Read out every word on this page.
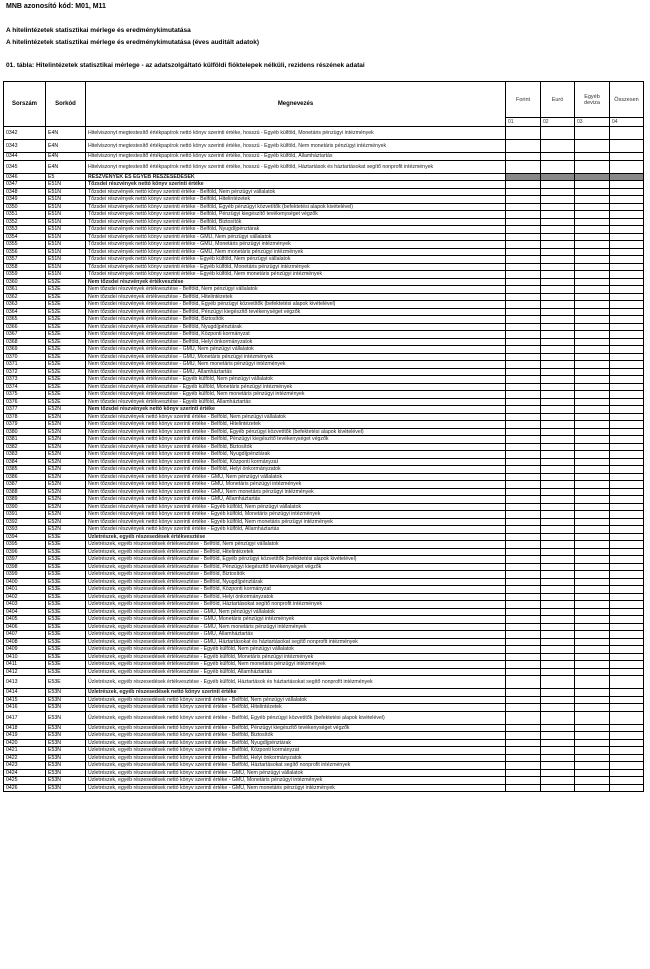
MNB azonosító kód: M01, M11
A hitelintézetek statisztikai mérlege és eredménykimutatása
A hitelintézetek statisztikai mérlege és eredménykimutatása (éves auditált adatok)
01. tábla: Hitelintézetek statisztikai mérlege - az adatszolgáltató külföldi fióktelepek nélküli, rezidens részének adatai
Sorszám	Sorkód	Megnevezés	Forint	Euró	Egyéb deviza	Összesen
			01	02	03	04
0342	E4N	Hitelviszonyt megtestesítő értékpapírok nettó könyv szerinti értéke, hosszú - Egyéb külföld, Monetáris pénzügyi intézmények				
0343	E4N	Hitelviszonyt megtestesítő értékpapírok nettó könyv szerinti értéke, hosszú - Egyéb külföld, Nem monetáris pénzügyi intézmények				
0344	E4N	Hitelviszonyt megtestesítő értékpapírok nettó könyv szerinti értéke, hosszú - Egyéb külföld, Államháztartás				
0345	E4N	Hitelviszonyt megtestesítő értékpapírok nettó könyv szerinti értéke, hosszú - Egyéb külföld, Háztartások és háztartásokat segítő nonprofit intézmények				
0346	E5	RÉSZVÉNYEK ÉS EGYÉB RÉSZESEDÉSEK				
0347	E51N	Tőzsdei részvények nettó könyv szerinti értéke				
0348	E51N	Tőzsdei részvények nettó könyv szerinti értéke - Belföld, Nem pénzügyi vállalatok				
0349	E51N	Tőzsdei részvények nettó könyv szerinti értéke - Belföld, Hitelintézetek				
0350	E51N	Tőzsdei részvények nettó könyv szerinti értéke - Belföld, Egyéb pénzügyi közvetítők (befektetési alapok kivételével)				
0351	E51N	Tőzsdei részvények nettó könyv szerinti értéke - Belföld, Pénzügyi kiegészítő tevékenységet végzők				
0352	E51N	Tőzsdei részvények nettó könyv szerinti értéke - Belföld, Biztosítók				
0353	E51N	Tőzsdei részvények nettó könyv szerinti értéke - Belföld, Nyugdíjpénztárak				
0354	E51N	Tőzsdei részvények nettó könyv szerinti értéke - GMU, Nem pénzügyi vállalatok				
0355	E51N	Tőzsdei részvények nettó könyv szerinti értéke - GMU, Monetáris pénzügyi intézmények				
0356	E51N	Tőzsdei részvények nettó könyv szerinti értéke - GMU, Nem monetáris pénzügyi intézmények				
0357	E51N	Tőzsdei részvények nettó könyv szerinti értéke - Egyéb külföld, Nem pénzügyi vállalatok				
0358	E51N	Tőzsdei részvények nettó könyv szerinti értéke - Egyéb külföld, Monetáris pénzügyi intézmények				
0359	E51N	Tőzsdei részvények nettó könyv szerinti értéke - Egyéb külföld, Nem monetáris pénzügyi intézmények				
0360	E52E	Nem tőzsdei részvények értékvesztése				
0361	E52E	Nem tőzsdei részvények értékvesztése - Belföld, Nem pénzügyi vállalatok				
0362	E52E	Nem tőzsdei részvények értékvesztése - Belföld, Hitelintézetek				
0363	E52E	Nem tőzsdei részvények értékvesztése - Belföld, Egyéb pénzügyi közvetítők (befektetési alapok kivételével)				
0364	E52E	Nem tőzsdei részvények értékvesztése - Belföld, Pénzügyi kiegészítő tevékenységet végzők				
0365	E52E	Nem tőzsdei részvények értékvesztése - Belföld, Biztosítók				
0366	E52E	Nem tőzsdei részvények értékvesztése - Belföld, Nyugdíjpénztárak				
0367	E52E	Nem tőzsdei részvények értékvesztése - Belföld, Központi kormányzat				
0368	E52E	Nem tőzsdei részvények értékvesztése - Belföld, Helyi önkormányzatok				
0369	E52E	Nem tőzsdei részvények értékvesztése - GMU, Nem pénzügyi vállalatok				
0370	E52E	Nem tőzsdei részvények értékvesztése - GMU, Monetáris pénzügyi intézmények				
0371	E52E	Nem tőzsdei részvények értékvesztése - GMU, Nem monetáris pénzügyi intézmények				
0372	E52E	Nem tőzsdei részvények értékvesztése - GMU, Államháztartás				
0373	E52E	Nem tőzsdei részvények értékvesztése - Egyéb külföld, Nem pénzügyi vállalatok				
0374	E52E	Nem tőzsdei részvények értékvesztése - Egyéb külföld, Monetáris pénzügyi intézmények				
0375	E52E	Nem tőzsdei részvények értékvesztése - Egyéb külföld, Nem monetáris pénzügyi intézmények				
0376	E52E	Nem tőzsdei részvények értékvesztése - Egyéb külföld, Államháztartás				
0377	E52N	Nem tőzsdei részvények nettó könyv szerinti értéke				
0378	E52N	Nem tőzsdei részvények nettó könyv szerinti értéke - Belföld, Nem pénzügyi vállalatok				
0379	E52N	Nem tőzsdei részvények nettó könyv szerinti értéke - Belföld, Hitelintézetek				
0380	E52N	Nem tőzsdei részvények nettó könyv szerinti értéke - Belföld, Egyéb pénzügyi közvetítők (befektetési alapok kivételével)				
0381	E52N	Nem tőzsdei részvények nettó könyv szerinti értéke - Belföld, Pénzügyi kiegészítő tevékenységet végzők				
0382	E52N	Nem tőzsdei részvények nettó könyv szerinti értéke - Belföld, Biztosítók				
0383	E52N	Nem tőzsdei részvények nettó könyv szerinti értéke - Belföld, Nyugdíjpénztárak				
0384	E52N	Nem tőzsdei részvények nettó könyv szerinti értéke - Belföld, Központi kormányzat				
0385	E52N	Nem tőzsdei részvények nettó könyv szerinti értéke - Belföld, Helyi önkormányzatok				
0386	E52N	Nem tőzsdei részvények nettó könyv szerinti értéke - GMU, Nem pénzügyi vállalatok				
0387	E52N	Nem tőzsdei részvények nettó könyv szerinti értéke - GMU, Monetáris pénzügyi intézmények				
0388	E52N	Nem tőzsdei részvények nettó könyv szerinti értéke - GMU, Nem monetáris pénzügyi intézmények				
0389	E52N	Nem tőzsdei részvények nettó könyv szerinti értéke - GMU, Államháztartás				
0390	E52N	Nem tőzsdei részvények nettó könyv szerinti értéke - Egyéb külföld, Nem pénzügyi vállalatok				
0391	E52N	Nem tőzsdei részvények nettó könyv szerinti értéke - Egyéb külföld, Monetáris pénzügyi intézmények				
0392	E52N	Nem tőzsdei részvények nettó könyv szerinti értéke - Egyéb külföld, Nem monetáris pénzügyi intézmények				
0393	E52N	Nem tőzsdei részvények nettó könyv szerinti értéke - Egyéb külföld, Államháztartás				
0394	E53E	Üzletrészek, egyéb részesedések értékvesztése				
0395	E53E	Üzletrészek, egyéb részesedések értékvesztése - Belföld, Nem pénzügyi vállalatok				
0396	E53E	Üzletrészek, egyéb részesedések értékvesztése - Belföld, Hitelintézetek				
0397	E53E	Üzletrészek, egyéb részesedések értékvesztése - Belföld, Egyéb pénzügyi közvetítők (befektetési alapok kivételével)				
0398	E53E	Üzletrészek, egyéb részesedések értékvesztése - Belföld, Pénzügyi kiegészítő tevékenységet végzők				
0399	E53E	Üzletrészek, egyéb részesedések értékvesztése - Belföld, Biztosítók				
0400	E53E	Üzletrészek, egyéb részesedések értékvesztése - Belföld, Nyugdíjpénztárak				
0401	E53E	Üzletrészek, egyéb részesedések értékvesztése - Belföld, Központi kormányzat				
0402	E53E	Üzletrészek, egyéb részesedések értékvesztése - Belföld, Helyi önkormányzatok				
0403	E53E	Üzletrészek, egyéb részesedések értékvesztése - Belföld, Háztartásokat segítő nonprofit intézmények				
0404	E53E	Üzletrészek, egyéb részesedések értékvesztése - GMU, Nem pénzügyi vállalatok				
0405	E53E	Üzletrészek, egyéb részesedések értékvesztése - GMU, Monetáris pénzügyi intézmények				
0406	E53E	Üzletrészek, egyéb részesedések értékvesztése - GMU, Nem monetáris pénzügyi intézmények				
0407	E53E	Üzletrészek, egyéb részesedések értékvesztése - GMU, Államháztartás				
0408	E53E	Üzletrészek, egyéb részesedések értékvesztése - GMU, Háztartásokat és háztartásokat segítő nonprofit intézmények				
0409	E53E	Üzletrészek, egyéb részesedések értékvesztése - Egyéb külföld, Nem pénzügyi vállalatok				
0410	E53E	Üzletrészek, egyéb részesedések értékvesztése - Egyéb külföld, Monetáris pénzügyi intézmények				
0411	E53E	Üzletrészek, egyéb részesedések értékvesztése - Egyéb külföld, Nem monetáris pénzügyi intézmények				
0412	E53E	Üzletrészek, egyéb részesedések értékvesztése - Egyéb külföld, Államháztartás				
0413	E53E	Üzletrészek, egyéb részesedések értékvesztése - Egyéb külföld, Háztartások és háztartásokat segítő nonprofit intézmények				
0414	E53N	Üzletrészek, egyéb részesedések nettó könyv szerinti értéke				
0415	E53N	Üzletrészek, egyéb részesedések nettó könyv szerinti értéke - Belföld, Nem pénzügyi vállalatok				
0416	E53N	Üzletrészek, egyéb részesedések nettó könyv szerinti értéke - Belföld, Hitelintézetek				
0417	E53N	Üzletrészek, egyéb részesedések nettó könyv szerinti értéke - Belföld, Egyéb pénzügyi közvetítők (befektetési alapok kivételével)				
0418	E53N	Üzletrészek, egyéb részesedések nettó könyv szerinti értéke - Belföld, Pénzügyi kiegészítő tevékenységet végzők				
0419	E53N	Üzletrészek, egyéb részesedések nettó könyv szerinti értéke - Belföld, Biztosítók				
0420	E53N	Üzletrészek, egyéb részesedések nettó könyv szerinti értéke - Belföld, Nyugdíjpénztárak				
0421	E53N	Üzletrészek, egyéb részesedések nettó könyv szerinti értéke - Belföld, Központi kormányzat				
0422	E53N	Üzletrészek, egyéb részesedések nettó könyv szerinti értéke - Belföld, Helyi önkormányzatok				
0423	E53N	Üzletrészek, egyéb részesedések nettó könyv szerinti értéke - Belföld, Háztartásokat segítő nonprofit intézmények				
0424	E53N	Üzletrészek, egyéb részesedések nettó könyv szerinti értéke - GMU, Nem pénzügyi vállalatok				
0425	E53N	Üzletrészek, egyéb részesedések nettó könyv szerinti értéke - GMU, Monetáris pénzügyi intézmények				
0426	E53N	Üzletrészek, egyéb részesedések nettó könyv szerinti értéke - GMU, Nem monetáris pénzügyi intézmények				
